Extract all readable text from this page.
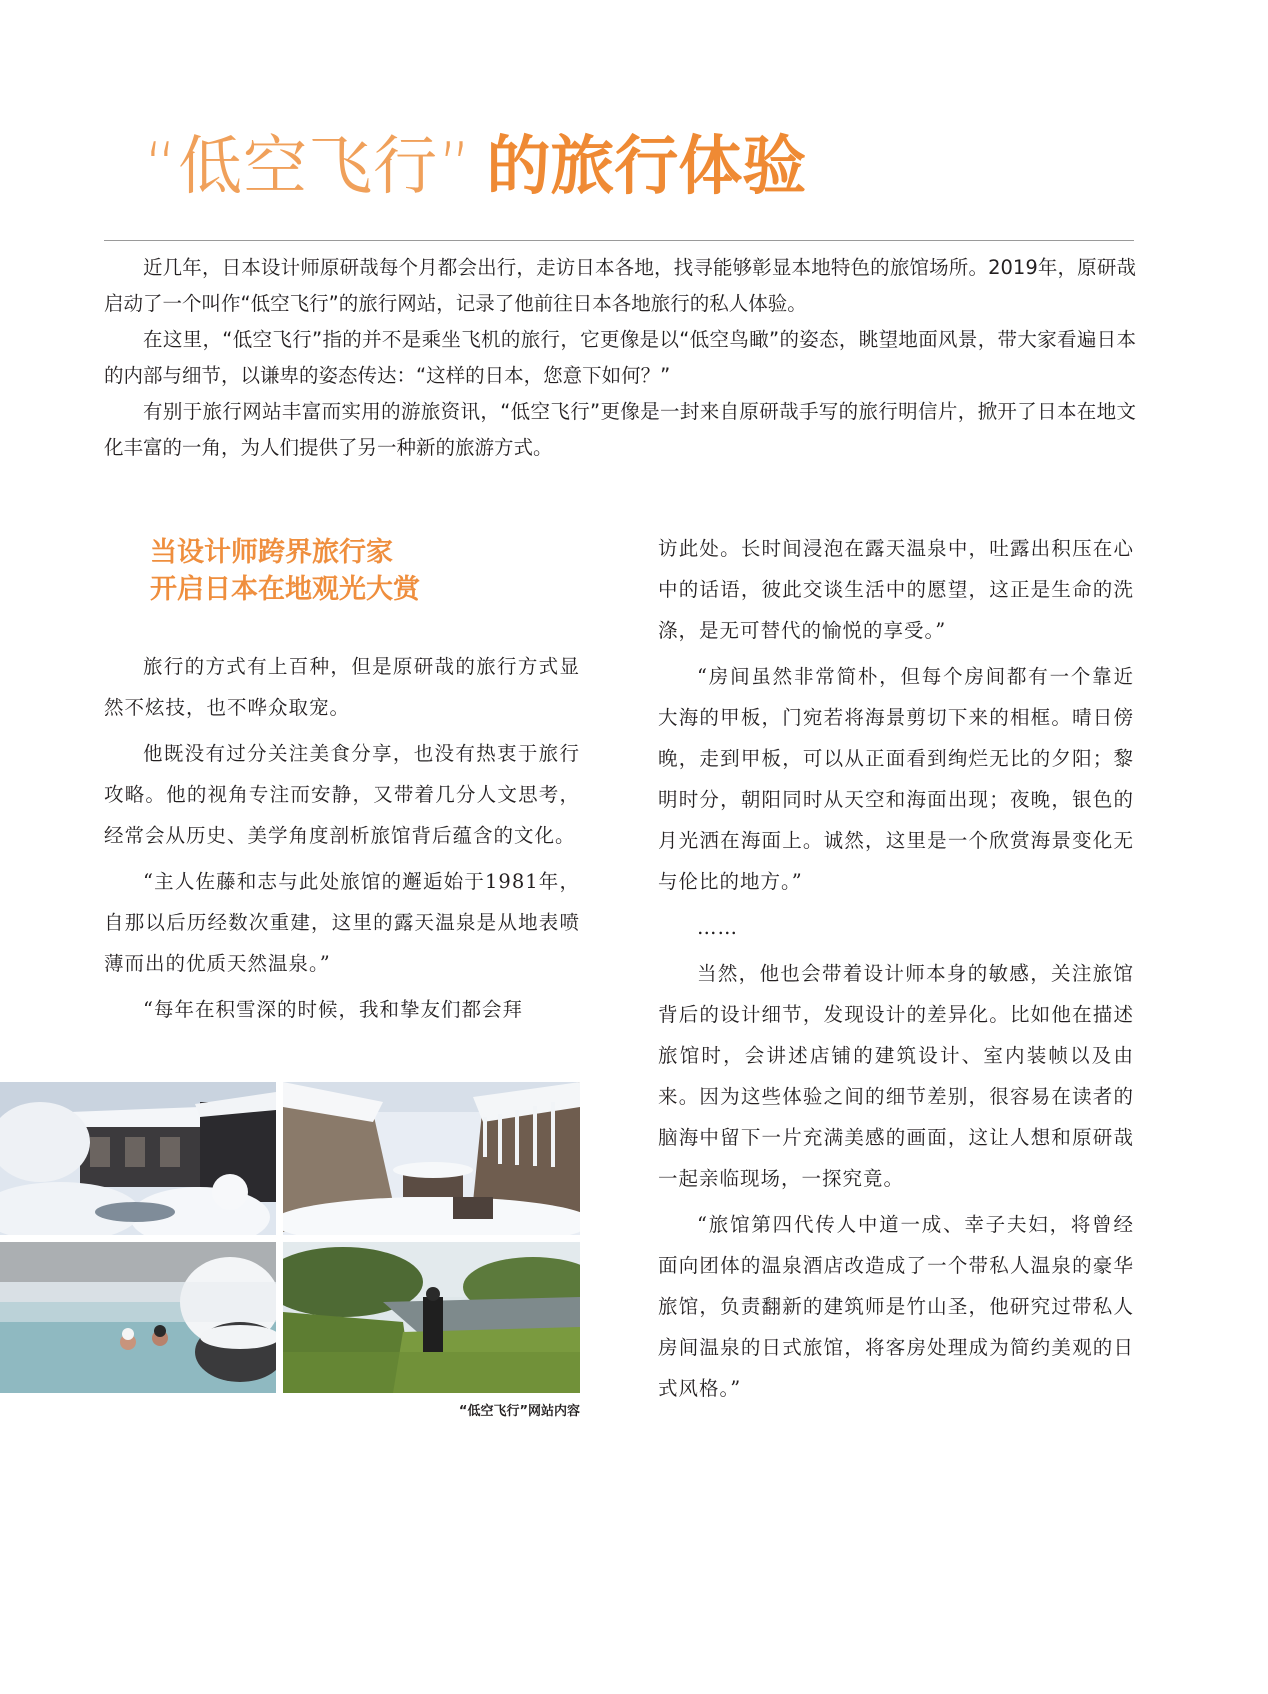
“低空飞行” 的旅行体验

近几年，日本设计师原研哉每个月都会出行，走访日本各地，找寻能够彰显本地特色的旅馆场所。2019年，原研哉启动了一个叫作“低空飞行”的旅行网站，记录了他前往日本各地旅行的私人体验。

在这里，“低空飞行”指的并不是乘坐飞机的旅行，它更像是以“低空鸟瞰”的姿态，眺望地面风景，带大家看遍日本的内部与细节，以谦卑的姿态传达：“这样的日本，您意下如何？”

有别于旅行网站丰富而实用的游旅资讯，“低空飞行”更像是一封来自原研哉手写的旅行明信片，掀开了日本在地文化丰富的一角，为人们提供了另一种新的旅游方式。

当设计师跨界旅行家
开启日本在地观光大赏

旅行的方式有上百种，但是原研哉的旅行方式显然不炫技，也不哗众取宠。

他既没有过分关注美食分享，也没有热衷于旅行攻略。他的视角专注而安静，又带着几分人文思考，经常会从历史、美学角度剖析旅馆背后蕴含的文化。

“主人佐藤和志与此处旅馆的邂逅始于1981年，自那以后历经数次重建，这里的露天温泉是从地表喷薄而出的优质天然温泉。”

“每年在积雪深的时候，我和挚友们都会拜

访此处。长时间浸泡在露天温泉中，吐露出积压在心中的话语，彼此交谈生活中的愿望，这正是生命的洗涤，是无可替代的愉悦的享受。”

“房间虽然非常简朴，但每个房间都有一个靠近大海的甲板，门宛若将海景剪切下来的相框。晴日傍晚，走到甲板，可以从正面看到绚烂无比的夕阳；黎明时分，朝阳同时从天空和海面出现；夜晚，银色的月光洒在海面上。诚然，这里是一个欣赏海景变化无与伦比的地方。”

……

当然，他也会带着设计师本身的敏感，关注旅馆背后的设计细节，发现设计的差异化。比如他在描述旅馆时，会讲述店铺的建筑设计、室内装帧以及由来。因为这些体验之间的细节差别，很容易在读者的脑海中留下一片充满美感的画面，这让人想和原研哉一起亲临现场，一探究竟。

“旅馆第四代传人中道一成、幸子夫妇，将曾经面向团体的温泉酒店改造成了一个带私人温泉的豪华旅馆，负责翻新的建筑师是竹山圣，他研究过带私人房间温泉的日式旅馆，将客房处理成为简约美观的日式风格。”

“低空飞行”网站内容
